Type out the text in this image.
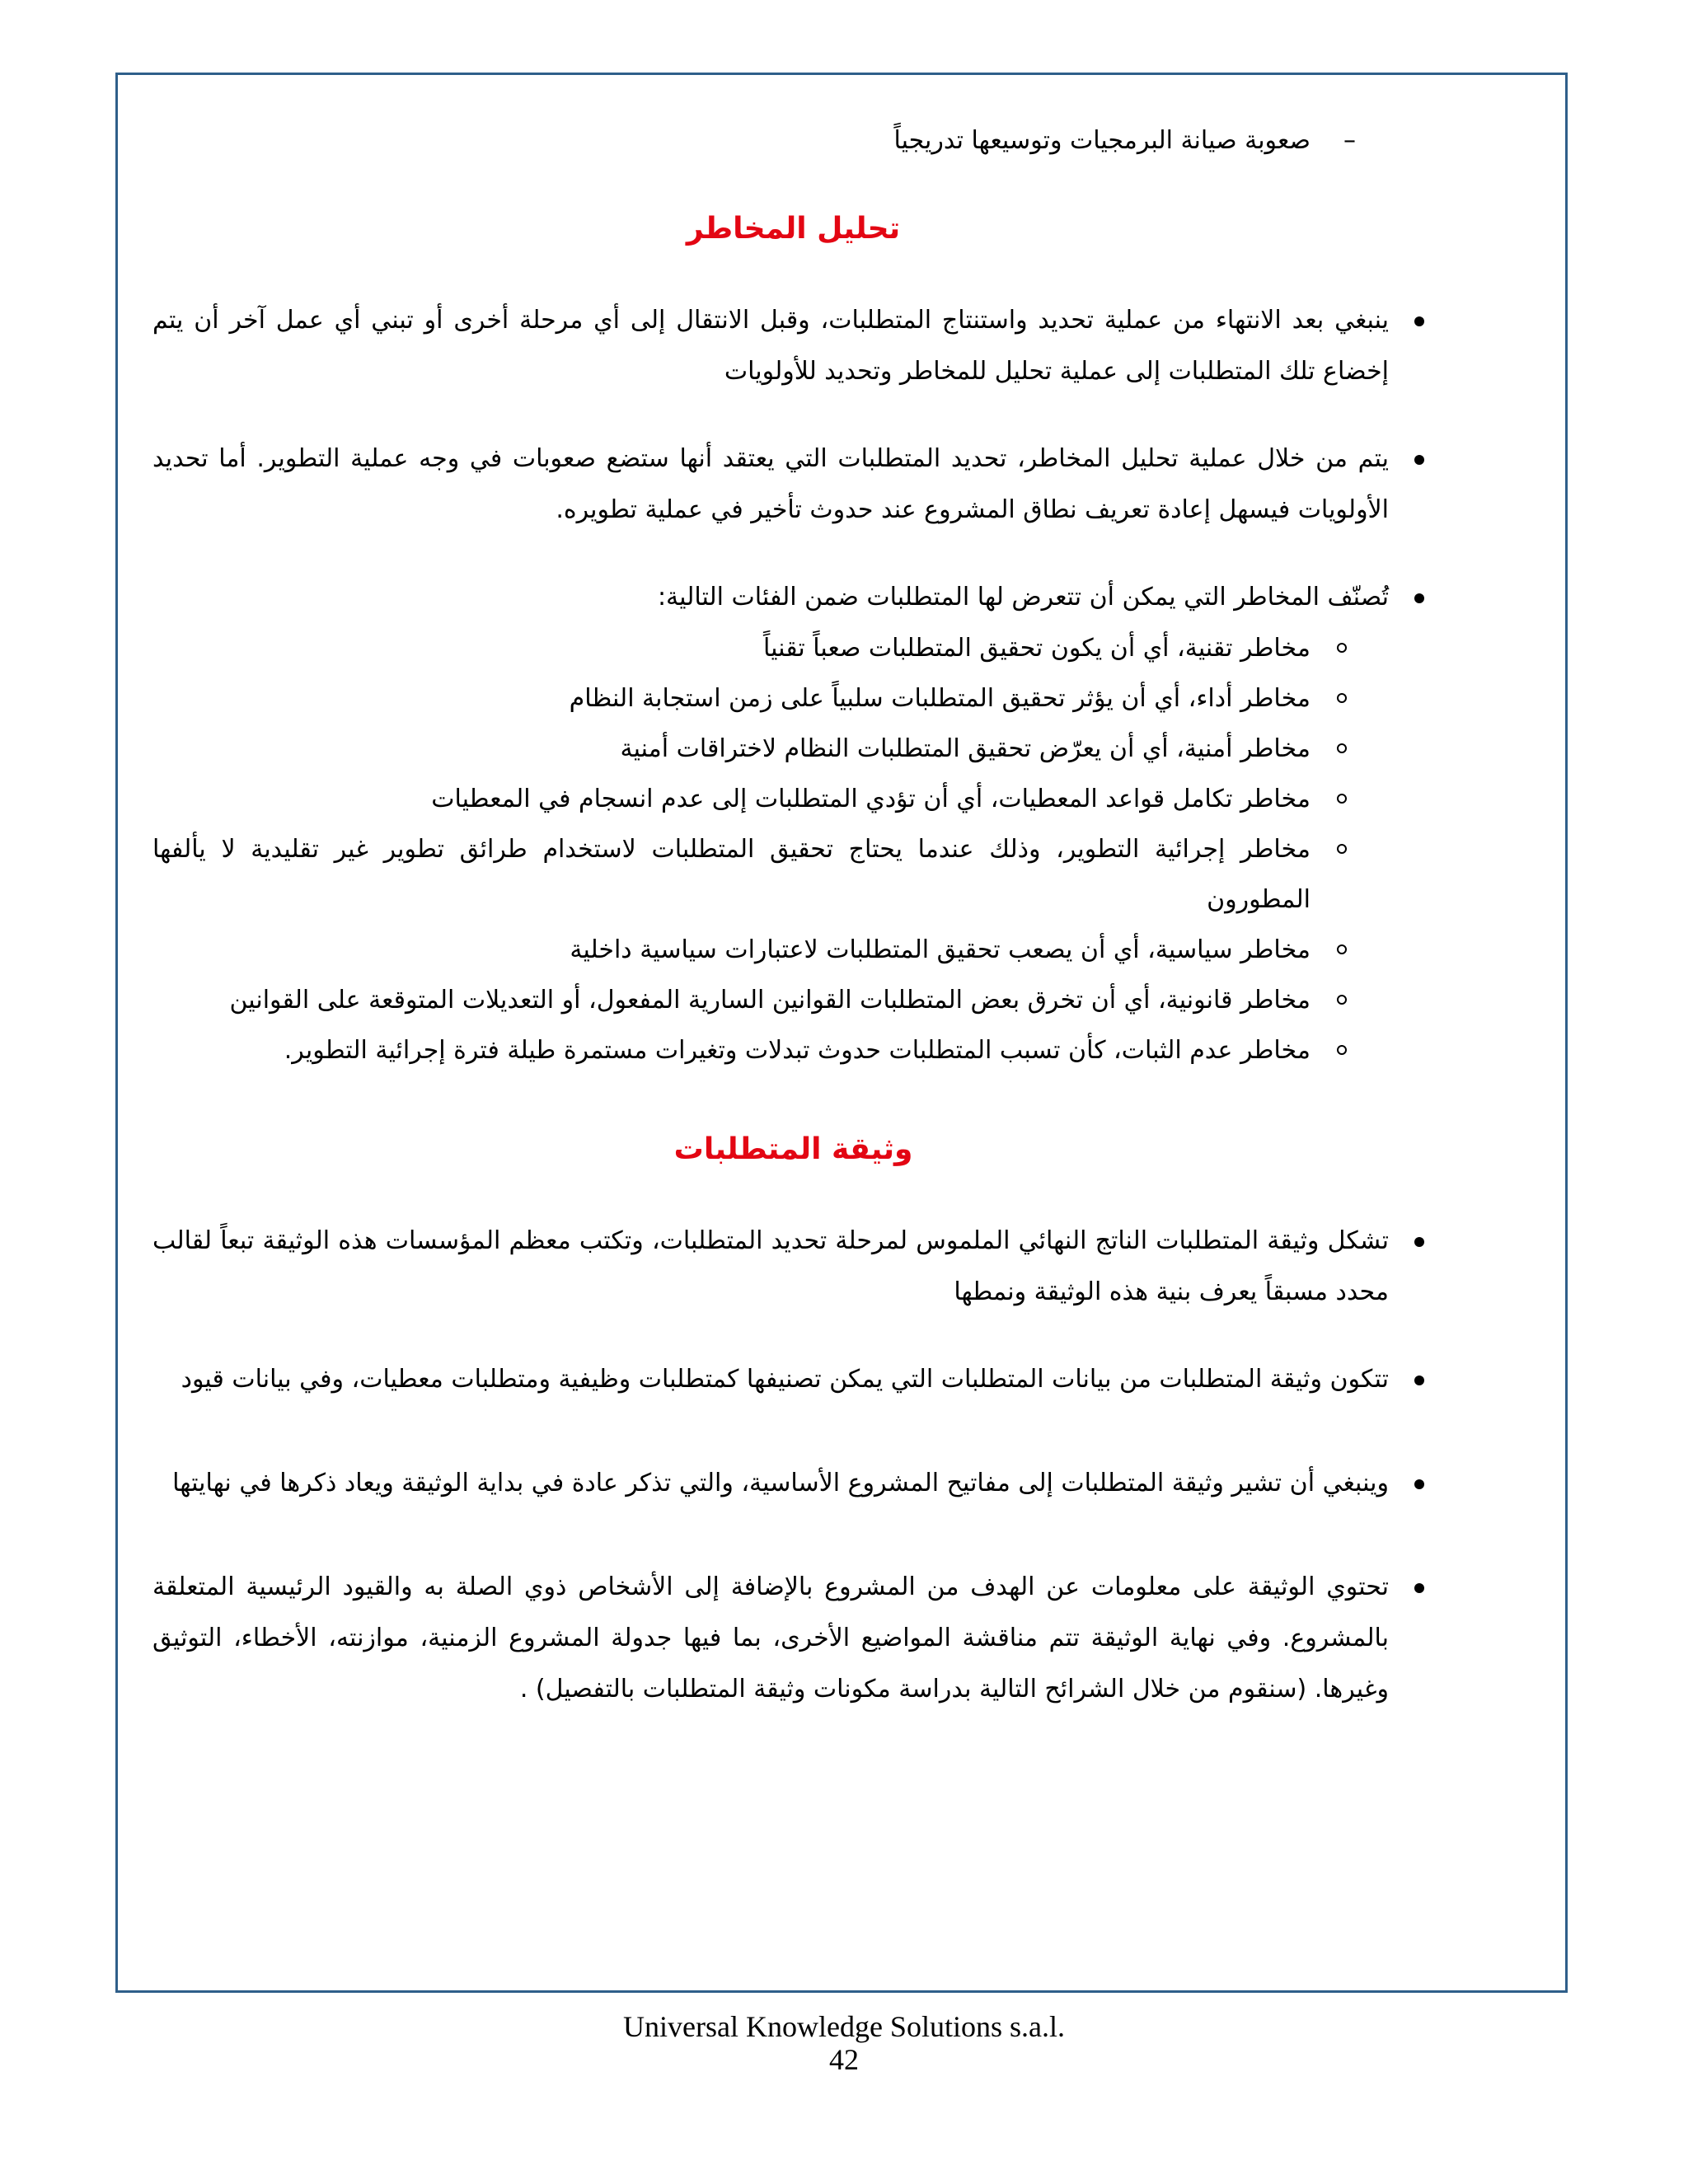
–
صعوبة صيانة البرمجيات وتوسيعها تدريجياً
تحليل المخاطر
ينبغي بعد الانتهاء من عملية تحديد واستنتاج المتطلبات، وقبل الانتقال إلى أي مرحلة أخرى أو تبني أي عمل آخر أن يتم إخضاع تلك المتطلبات إلى عملية تحليل للمخاطر وتحديد للأولويات
يتم من خلال عملية تحليل المخاطر، تحديد المتطلبات التي يعتقد أنها ستضع صعوبات في وجه عملية التطوير. أما تحديد الأولويات فيسهل إعادة تعريف نطاق المشروع عند حدوث تأخير في عملية تطويره.
تُصنّف المخاطر التي يمكن أن تتعرض لها المتطلبات ضمن الفئات التالية:
مخاطر تقنية، أي أن يكون تحقيق المتطلبات صعباً تقنياً
مخاطر أداء، أي أن يؤثر تحقيق المتطلبات سلبياً على زمن استجابة النظام
مخاطر أمنية، أي أن يعرّض تحقيق المتطلبات النظام لاختراقات أمنية
مخاطر تكامل قواعد المعطيات، أي أن تؤدي المتطلبات إلى عدم انسجام في المعطيات
مخاطر إجرائية التطوير، وذلك عندما يحتاج تحقيق المتطلبات لاستخدام طرائق تطوير غير تقليدية لا يألفها المطورون
مخاطر سياسية، أي أن يصعب تحقيق المتطلبات لاعتبارات سياسية داخلية
مخاطر قانونية، أي أن تخرق بعض المتطلبات القوانين السارية المفعول، أو التعديلات المتوقعة على القوانين
مخاطر عدم الثبات، كأن تسبب المتطلبات حدوث تبدلات وتغيرات مستمرة طيلة فترة إجرائية التطوير.
وثيقة المتطلبات
تشكل وثيقة المتطلبات الناتج النهائي الملموس لمرحلة تحديد المتطلبات، وتكتب معظم المؤسسات هذه الوثيقة تبعاً لقالب محدد مسبقاً يعرف بنية هذه الوثيقة ونمطها
تتكون وثيقة المتطلبات من بيانات المتطلبات التي يمكن تصنيفها كمتطلبات وظيفية ومتطلبات معطيات، وفي بيانات قيود
وينبغي أن تشير وثيقة المتطلبات إلى مفاتيح المشروع الأساسية، والتي تذكر عادة في بداية الوثيقة ويعاد ذكرها في نهايتها
تحتوي الوثيقة على معلومات عن الهدف من المشروع بالإضافة إلى الأشخاص ذوي الصلة به والقيود الرئيسية المتعلقة بالمشروع. وفي نهاية الوثيقة تتم مناقشة المواضيع الأخرى، بما فيها جدولة المشروع الزمنية، موازنته، الأخطاء، التوثيق وغيرها. (سنقوم من خلال الشرائح التالية بدراسة مكونات وثيقة المتطلبات بالتفصيل) .
Universal Knowledge Solutions s.a.l.
42
